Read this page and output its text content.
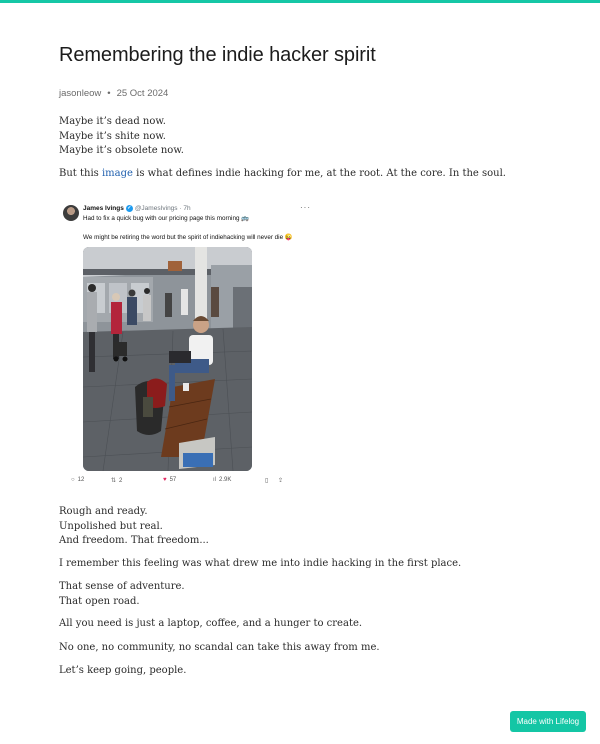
Remembering the indie hacker spirit
jasonleow • 25 Oct 2024
Maybe it’s dead now.
Maybe it’s shite now.
Maybe it’s obsolete now.
But this image is what defines indie hacking for me, at the root. At the core. In the soul.
James Ivings ✓ @JamesIvings · 7h	···
Had to fix a quick bug with our pricing page this morning 🚌
We might be retiring the word but the spirit of indiehacking will never die 😜
○ 12	⇅ 2	♥ 57	ıl 2.9K	▯ ⇪
Rough and ready.
Unpolished but real.
And freedom. That freedom...
I remember this feeling was what drew me into indie hacking in the first place.
That sense of adventure.
That open road.
All you need is just a laptop, coffee, and a hunger to create.
No one, no community, no scandal can take this away from me.
Let’s keep going, people.
Made with Lifelog
